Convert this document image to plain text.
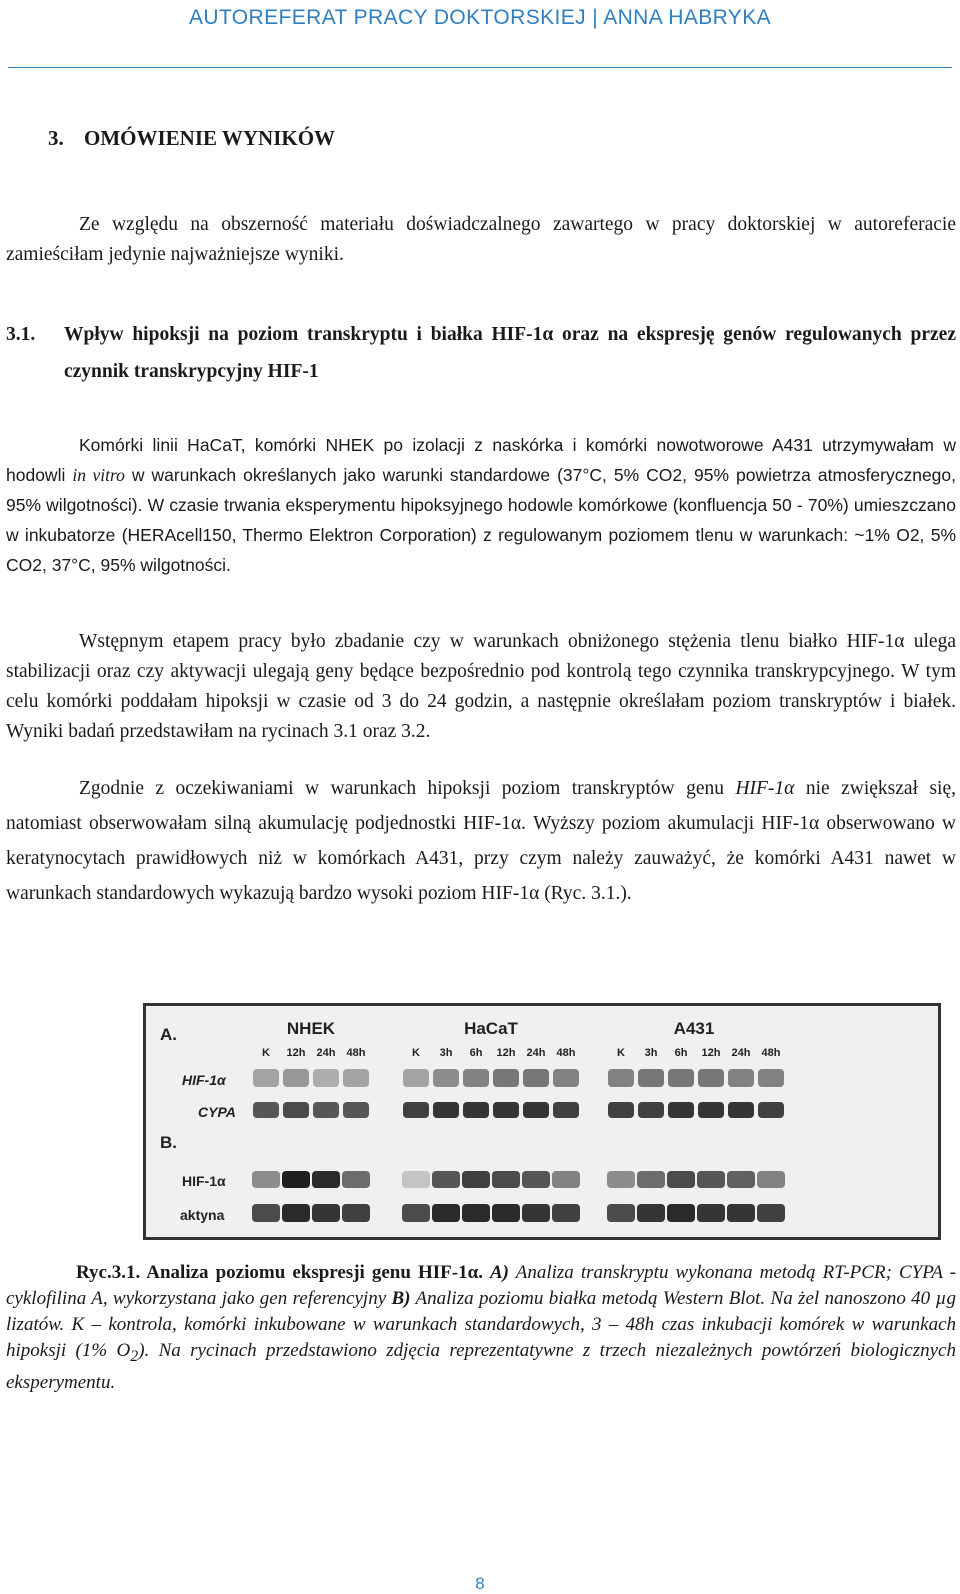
AUTOREFERAT PRACY DOKTORSKIEJ | ANNA HABRYKA
3. OMÓWIENIE WYNIKÓW
Ze względu na obszerność materiału doświadczalnego zawartego w pracy doktorskiej w autoreferacie zamieściłam jedynie najważniejsze wyniki.
3.1. Wpływ hipoksji na poziom transkryptu i białka HIF-1α oraz na ekspresję genów regulowanych przez czynnik transkrypcyjny HIF-1
Komórki linii HaCaT, komórki NHEK po izolacji z naskórka i komórki nowotworowe A431 utrzymywałam w hodowli in vitro w warunkach określanych jako warunki standardowe (37°C, 5% CO2, 95% powietrza atmosferycznego, 95% wilgotności). W czasie trwania eksperymentu hipoksyjnego hodowle komórkowe (konfluencja 50 - 70%) umieszczano w inkubatorze (HERAcell150, Thermo Elektron Corporation) z regulowanym poziomem tlenu w warunkach: ~1% O2, 5% CO2, 37°C, 95% wilgotności.
Wstępnym etapem pracy było zbadanie czy w warunkach obniżonego stężenia tlenu białko HIF-1α ulega stabilizacji oraz czy aktywacji ulegają geny będące bezpośrednio pod kontrolą tego czynnika transkrypcyjnego. W tym celu komórki poddałam hipoksji w czasie od 3 do 24 godzin, a następnie określałam poziom transkryptów i białek. Wyniki badań przedstawiłam na rycinach 3.1 oraz 3.2.
Zgodnie z oczekiwaniami w warunkach hipoksji poziom transkryptów genu HIF-1α nie zwiększał się, natomiast obserwowałam silną akumulację podjednostki HIF-1α. Wyższy poziom akumulacji HIF-1α obserwowano w keratynocytach prawidłowych niż w komórkach A431, przy czym należy zauważyć, że komórki A431 nawet w warunkach standardowych wykazują bardzo wysoki poziom HIF-1α (Ryc. 3.1.).
NHEK
K 12h 24h 48h
HaCaT
K 3h 6h 12h 24h 48h
A431
K 3h 6h 12h 24h 48h
A.
B.
HIF-1α
CYPA
HIF-1α
aktyna
Ryc.3.1. Analiza poziomu ekspresji genu HIF-1α. A) Analiza transkryptu wykonana metodą RT-PCR; CYPA - cyklofilina A, wykorzystana jako gen referencyjny B) Analiza poziomu białka metodą Western Blot. Na żel nanoszono 40 µg lizatów. K – kontrola, komórki inkubowane w warunkach standardowych, 3 – 48h czas inkubacji komórek w warunkach hipoksji (1% $O_2$). Na rycinach przedstawiono zdjęcia reprezentatywne z trzech niezależnych powtórzeń biologicznych eksperymentu.
8
